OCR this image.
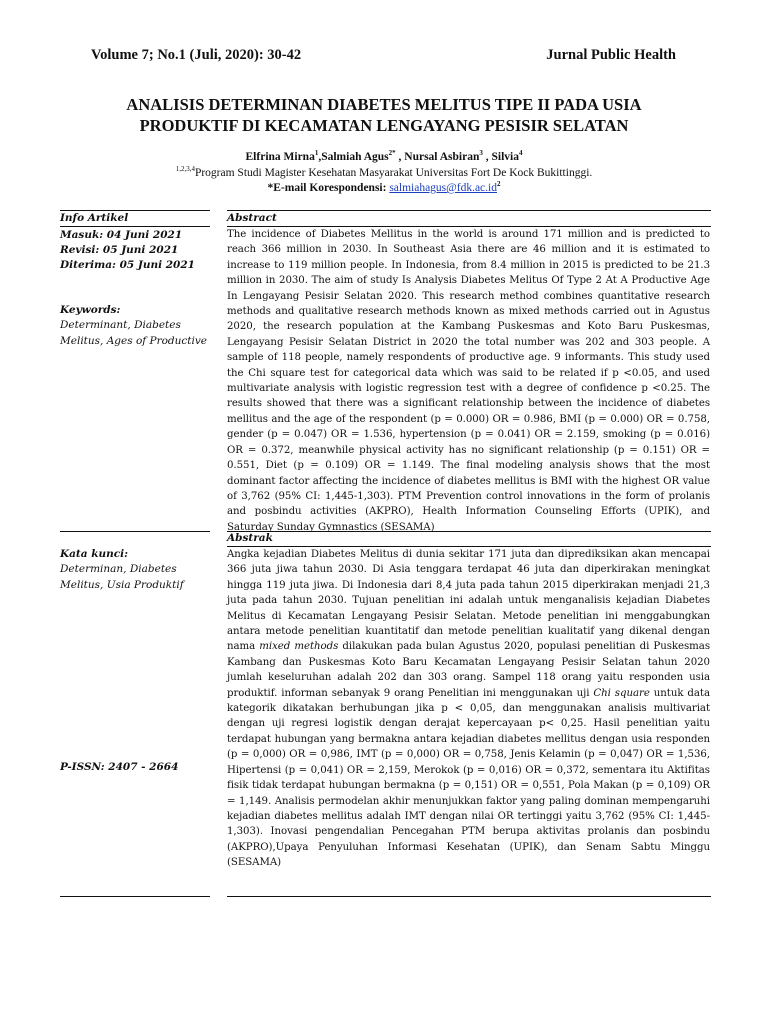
Volume 7; No.1 (Juli, 2020): 30-42	Jurnal Public Health
ANALISIS DETERMINAN DIABETES MELITUS TIPE II PADA USIA
PRODUKTIF DI KECAMATAN LENGAYANG PESISIR SELATAN
Elfrina Mirna$^1$,Salmiah Agus$^{2*}$ , Nursal Asbiran$^3$ , Silvia$^4$
$^{1,2,3,4}$Program Studi Magister Kesehatan Masyarakat Universitas Fort De Kock Bukittinggi.
*E-mail Korespondensi: $salmiahagus@fdk.ac.id^2$
Info Artikel
Masuk: 04 Juni 2021
Revisi: 05 Juni 2021
Diterima: 05 Juni 2021
Keywords:
Determinant, Diabetes Melitus, Ages of Productive
Kata kunci:
Determinan, Diabetes Melitus, Usia Produktif
P-ISSN: 2407 - 2664
Abstract
The incidence of Diabetes Mellitus in the world is around 171 million and is predicted to reach 366 million in 2030. In Southeast Asia there are 46 million and it is estimated to increase to 119 million people. In Indonesia, from 8.4 million in 2015 is predicted to be 21.3 million in 2030. The aim of study Is Analysis Diabetes Melitus Of Type 2 At A Productive Age In Lengayang Pesisir Selatan 2020. This research method combines quantitative research methods and qualitative research methods known as mixed methods carried out in Agustus 2020, the research population at the Kambang Puskesmas and Koto Baru Puskesmas, Lengayang Pesisir Selatan District in 2020 the total number was 202 and 303 people. A sample of 118 people, namely respondents of productive age. 9 informants. This study used the Chi square test for categorical data which was said to be related if p <0.05, and used multivariate analysis with logistic regression test with a degree of confidence p <0.25. The results showed that there was a significant relationship between the incidence of diabetes mellitus and the age of the respondent (p = 0.000) OR = 0.986, BMI (p = 0.000) OR = 0.758, gender (p = 0.047) OR = 1.536, hypertension (p = 0.041) OR = 2.159, smoking (p = 0.016) OR = 0.372, meanwhile physical activity has no significant relationship (p = 0.151) OR = 0.551, Diet (p = 0.109) OR = 1.149. The final modeling analysis shows that the most dominant factor affecting the incidence of diabetes mellitus is BMI with the highest OR value of 3,762 (95% CI: 1,445-1,303). PTM Prevention control innovations in the form of prolanis and posbindu activities (AKPRO), Health Information Counseling Efforts (UPIK), and Saturday Sunday Gymnastics (SESAMA)
Abstrak
Angka kejadian Diabetes Melitus di dunia sekitar 171 juta dan diprediksikan akan mencapai 366 juta jiwa tahun 2030. Di Asia tenggara terdapat 46 juta dan diperkirakan meningkat hingga 119 juta jiwa. Di Indonesia dari 8,4 juta pada tahun 2015 diperkirakan menjadi 21,3 juta pada tahun 2030. Tujuan penelitian ini adalah untuk menganalisis kejadian Diabetes Melitus di Kecamatan Lengayang Pesisir Selatan. Metode penelitian ini menggabungkan antara metode penelitian kuantitatif dan metode penelitian kualitatif yang dikenal dengan nama mixed methods dilakukan pada bulan Agustus 2020, populasi penelitian di Puskesmas Kambang dan Puskesmas Koto Baru Kecamatan Lengayang Pesisir Selatan tahun 2020 jumlah keseluruhan adalah 202 dan 303 orang. Sampel 118 orang yaitu responden usia produktif. informan sebanyak 9 orang Penelitian ini menggunakan uji Chi square untuk data kategorik dikatakan berhubungan jika p < 0,05, dan menggunakan analisis multivariat dengan uji regresi logistik dengan derajat kepercayaan p< 0,25. Hasil penelitian yaitu terdapat hubungan yang bermakna antara kejadian diabetes mellitus dengan usia responden (p = 0,000) OR = 0,986, IMT (p = 0,000) OR = 0,758, Jenis Kelamin (p = 0,047) OR = 1,536, Hipertensi (p = 0,041) OR = 2,159, Merokok (p = 0,016) OR = 0,372, sementara itu Aktifitas fisik tidak terdapat hubungan bermakna (p = 0,151) OR = 0,551, Pola Makan (p = 0,109) OR = 1,149. Analisis permodelan akhir menunjukkan faktor yang paling dominan mempengaruhi kejadian diabetes mellitus adalah IMT dengan nilai OR tertinggi yaitu 3,762 (95% CI: 1,445-1,303). Inovasi pengendalian Pencegahan PTM berupa aktivitas prolanis dan posbindu (AKPRO),Upaya Penyuluhan Informasi Kesehatan (UPIK), dan Senam Sabtu Minggu (SESAMA)
